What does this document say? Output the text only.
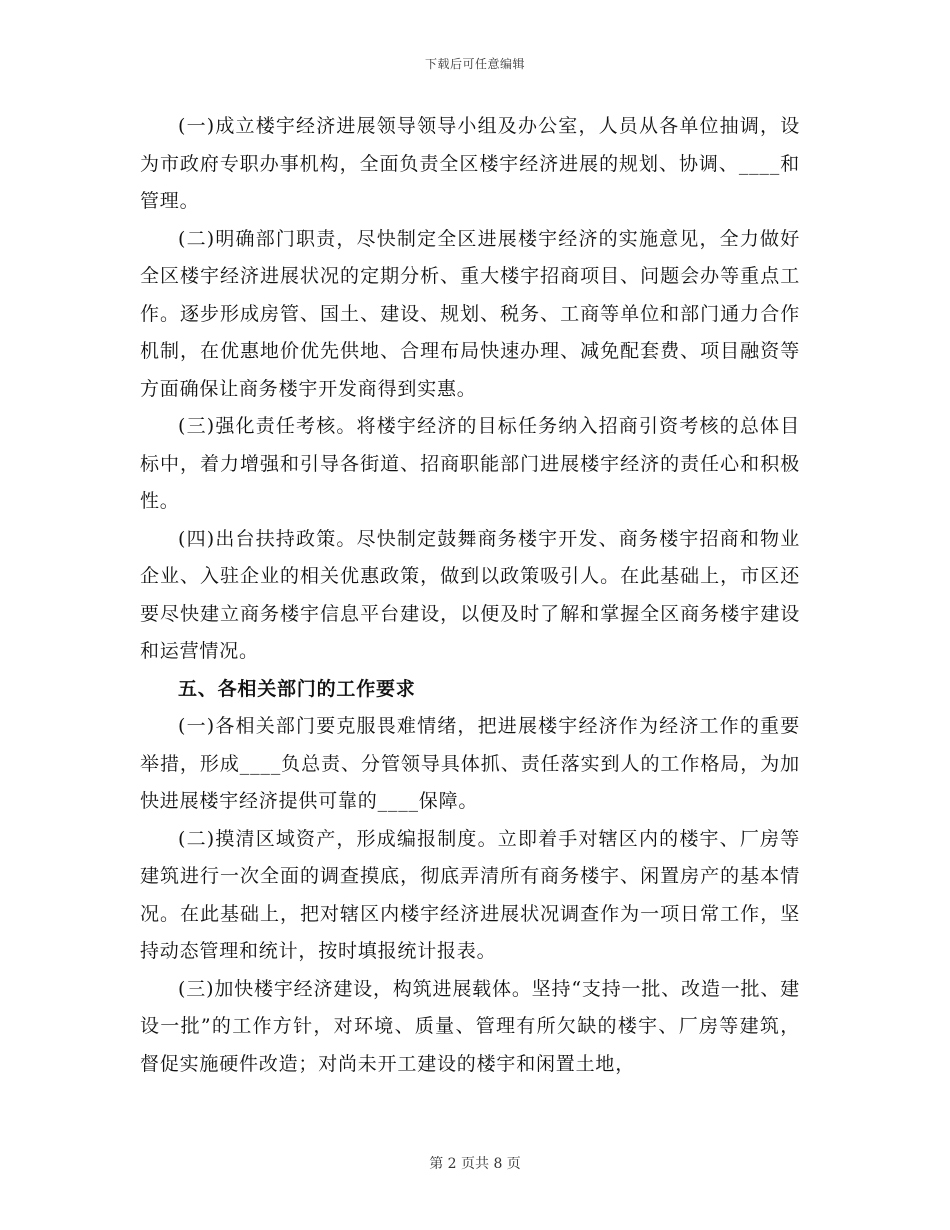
下载后可任意编辑

(一)成立楼宇经济进展领导领导小组及办公室，人员从各单位抽调，设为市政府专职办事机构，全面负责全区楼宇经济进展的规划、协调、____和管理。

(二)明确部门职责，尽快制定全区进展楼宇经济的实施意见，全力做好全区楼宇经济进展状况的定期分析、重大楼宇招商项目、问题会办等重点工作。逐步形成房管、国土、建设、规划、税务、工商等单位和部门通力合作机制，在优惠地价优先供地、合理布局快速办理、减免配套费、项目融资等方面确保让商务楼宇开发商得到实惠。

(三)强化责任考核。将楼宇经济的目标任务纳入招商引资考核的总体目标中，着力增强和引导各街道、招商职能部门进展楼宇经济的责任心和积极性。

(四)出台扶持政策。尽快制定鼓舞商务楼宇开发、商务楼宇招商和物业企业、入驻企业的相关优惠政策，做到以政策吸引人。在此基础上，市区还要尽快建立商务楼宇信息平台建设，以便及时了解和掌握全区商务楼宇建设和运营情况。

五、各相关部门的工作要求

(一)各相关部门要克服畏难情绪，把进展楼宇经济作为经济工作的重要举措，形成____负总责、分管领导具体抓、责任落实到人的工作格局，为加快进展楼宇经济提供可靠的____保障。

(二)摸清区域资产，形成编报制度。立即着手对辖区内的楼宇、厂房等建筑进行一次全面的调查摸底，彻底弄清所有商务楼宇、闲置房产的基本情况。在此基础上，把对辖区内楼宇经济进展状况调查作为一项日常工作，坚持动态管理和统计，按时填报统计报表。

(三)加快楼宇经济建设，构筑进展载体。坚持“支持一批、改造一批、建设一批”的工作方针，对环境、质量、管理有所欠缺的楼宇、厂房等建筑，督促实施硬件改造；对尚未开工建设的楼宇和闲置土地，

第 2 页共 8 页
